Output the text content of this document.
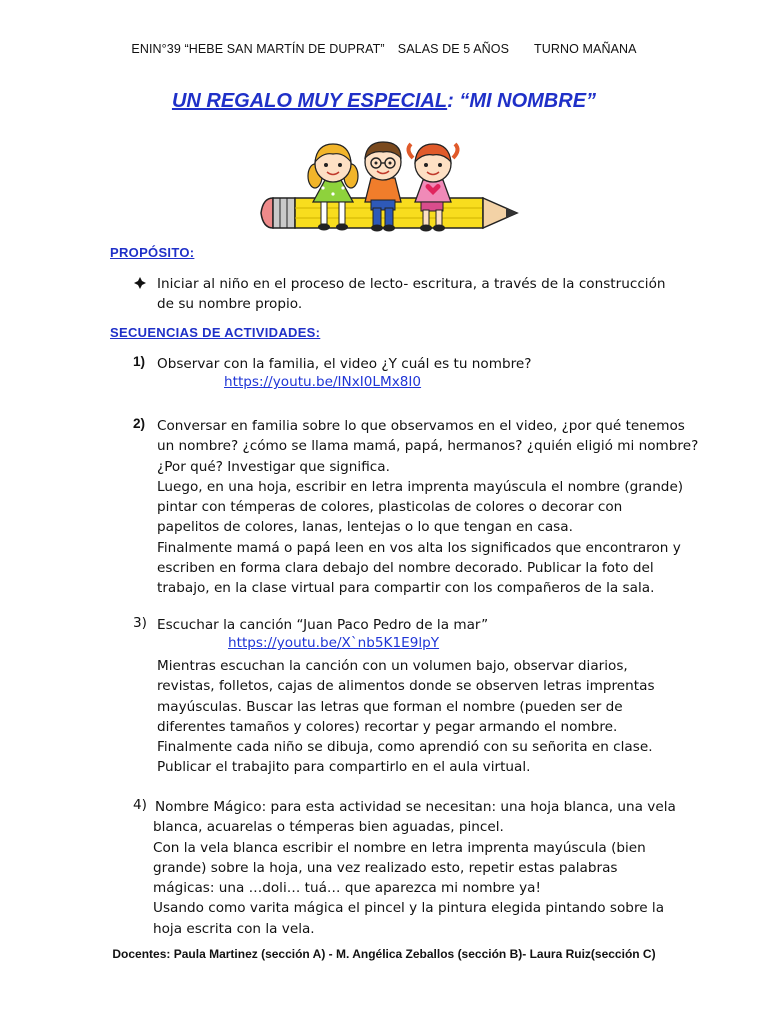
ENIN°39 “HEBE SAN MARTÍN DE DUPRAT” SALAS DE 5 AÑOS TURNO MAÑANA
UN REGALO MUY ESPECIAL: “MI NOMBRE”
PROPÓSITO:
Iniciar al niño en el proceso de lecto- escritura, a través de la construcción
de su nombre propio.
SECUENCIAS DE ACTIVIDADES:
1) Observar con la familia, el video ¿Y cuál es tu nombre?
https://youtu.be/INxI0LMx8I0
2) Conversar en familia sobre lo que observamos en el video, ¿por qué tenemos
un nombre? ¿cómo se llama mamá, papá, hermanos? ¿quién eligió mi nombre?
¿Por qué? Investigar que significa.
Luego, en una hoja, escribir en letra imprenta mayúscula el nombre (grande)
pintar con témperas de colores, plasticolas de colores o decorar con
papelitos de colores, lanas, lentejas o lo que tengan en casa.
Finalmente mamá o papá leen en vos alta los significados que encontraron y
escriben en forma clara debajo del nombre decorado. Publicar la foto del
trabajo, en la clase virtual para compartir con los compañeros de la sala.
3) Escuchar la canción “Juan Paco Pedro de la mar”
https://youtu.be/X`nb5K1E9lpY
Mientras escuchan la canción con un volumen bajo, observar diarios,
revistas, folletos, cajas de alimentos donde se observen letras imprentas
mayúsculas. Buscar las letras que forman el nombre (pueden ser de
diferentes tamaños y colores) recortar y pegar armando el nombre.
Finalmente cada niño se dibuja, como aprendió con su señorita en clase.
Publicar el trabajito para compartirlo en el aula virtual.
4) Nombre Mágico: para esta actividad se necesitan: una hoja blanca, una vela
blanca, acuarelas o témperas bien aguadas, pincel.
Con la vela blanca escribir el nombre en letra imprenta mayúscula (bien
grande) sobre la hoja, una vez realizado esto, repetir estas palabras
mágicas: una …doli… tuá… que aparezca mi nombre ya!
Usando como varita mágica el pincel y la pintura elegida pintando sobre la
hoja escrita con la vela.
Docentes: Paula Martinez (sección A) - M. Angélica Zeballos (sección B)- Laura Ruiz(sección C)
